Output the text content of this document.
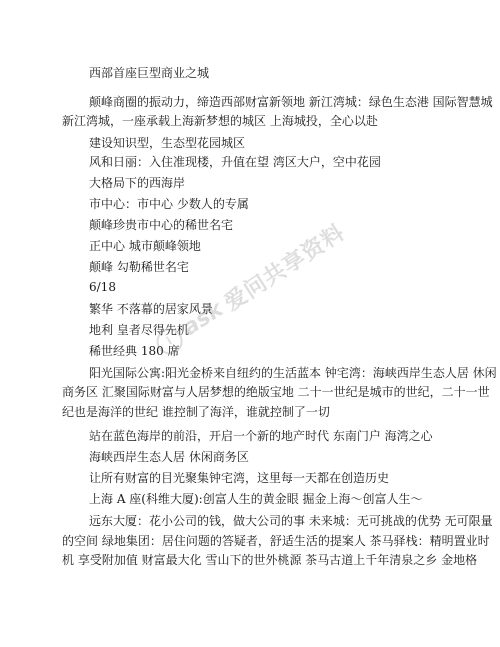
西部首座巨型商业之城
颠峰商圈的振动力，缔造西部财富新领地 新江湾城：绿色生态港 国际智慧城
新江湾城，一座承载上海新梦想的城区 上海城投，全心以赴
建设知识型，生态型花园城区
风和日丽：入住准现楼，升值在望 湾区大户，空中花园
大格局下的西海岸
市中心：市中心 少数人的专属
颠峰珍贵市中心的稀世名宅
正中心 城市颠峰领地
颠峰 勾勒稀世名宅
6/18
繁华 不落幕的居家风景
地利 皇者尽得先机
稀世经典 180 席
阳光国际公寓:阳光金桥来自纽约的生活蓝本 钟宅湾：海峡西岸生态人居 休闲
商务区 汇聚国际财富与人居梦想的绝版宝地 二十一世纪是城市的世纪，二十一世
纪也是海洋的世纪 谁控制了海洋，谁就控制了一切
站在蓝色海岸的前沿，开启一个新的地产时代 东南门户 海湾之心
海峡西岸生态人居 休闲商务区
让所有财富的目光聚集钟宅湾，这里每一天都在创造历史
上海 A 座(科维大厦):创富人生的黄金眼 掘金上海～创富人生～
远东大厦：花小公司的钱，做大公司的事 未来城：无可挑战的优势 无可限量
的空间 绿地集团：居住问题的答疑者，舒适生活的提案人 茶马驿栈：精明置业时
机 享受附加值 财富最大化 雪山下的世外桃源 茶马古道上千年清泉之乡 金地格
i ask
爱问共享资料
